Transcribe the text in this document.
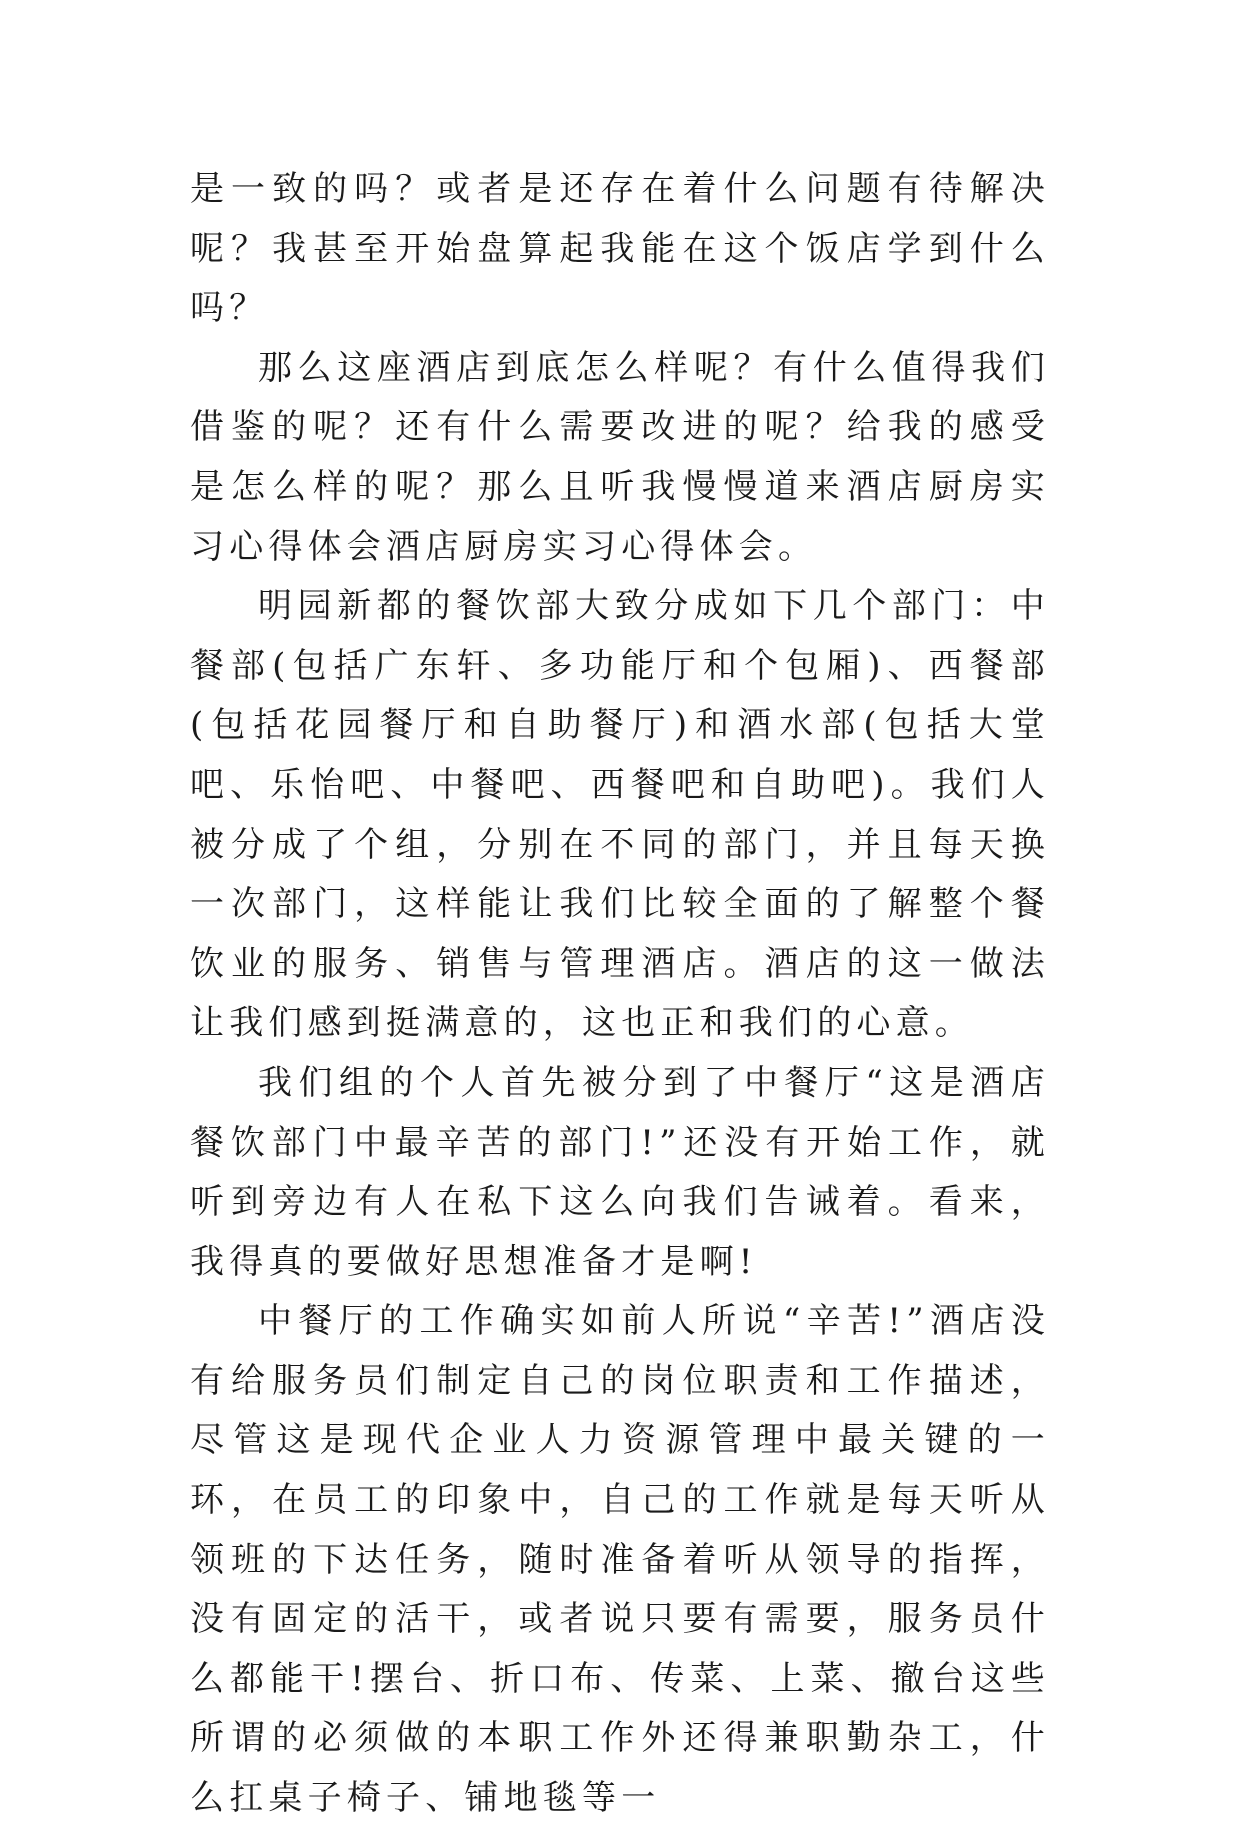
是一致的吗？或者是还存在着什么问题有待解决呢？我甚至开始盘算起我能在这个饭店学到什么吗？

那么这座酒店到底怎么样呢？有什么值得我们借鉴的呢？还有什么需要改进的呢？给我的感受是怎么样的呢？那么且听我慢慢道来酒店厨房实习心得体会酒店厨房实习心得体会。

明园新都的餐饮部大致分成如下几个部门：中餐部(包括广东轩、多功能厅和个包厢)、西餐部(包括花园餐厅和自助餐厅)和酒水部(包括大堂吧、乐怡吧、中餐吧、西餐吧和自助吧)。我们人被分成了个组，分别在不同的部门，并且每天换一次部门，这样能让我们比较全面的了解整个餐饮业的服务、销售与管理酒店。酒店的这一做法让我们感到挺满意的，这也正和我们的心意。

我们组的个人首先被分到了中餐厅“这是酒店餐饮部门中最辛苦的部门!”还没有开始工作，就听到旁边有人在私下这么向我们告诫着。看来，我得真的要做好思想准备才是啊!

中餐厅的工作确实如前人所说“辛苦!”酒店没有给服务员们制定自己的岗位职责和工作描述，尽管这是现代企业人力资源管理中最关键的一环，在员工的印象中，自己的工作就是每天听从领班的下达任务，随时准备着听从领导的指挥，没有固定的活干，或者说只要有需要，服务员什么都能干!摆台、折口布、传菜、上菜、撤台这些所谓的必须做的本职工作外还得兼职勤杂工，什么扛桌子椅子、铺地毯等一
